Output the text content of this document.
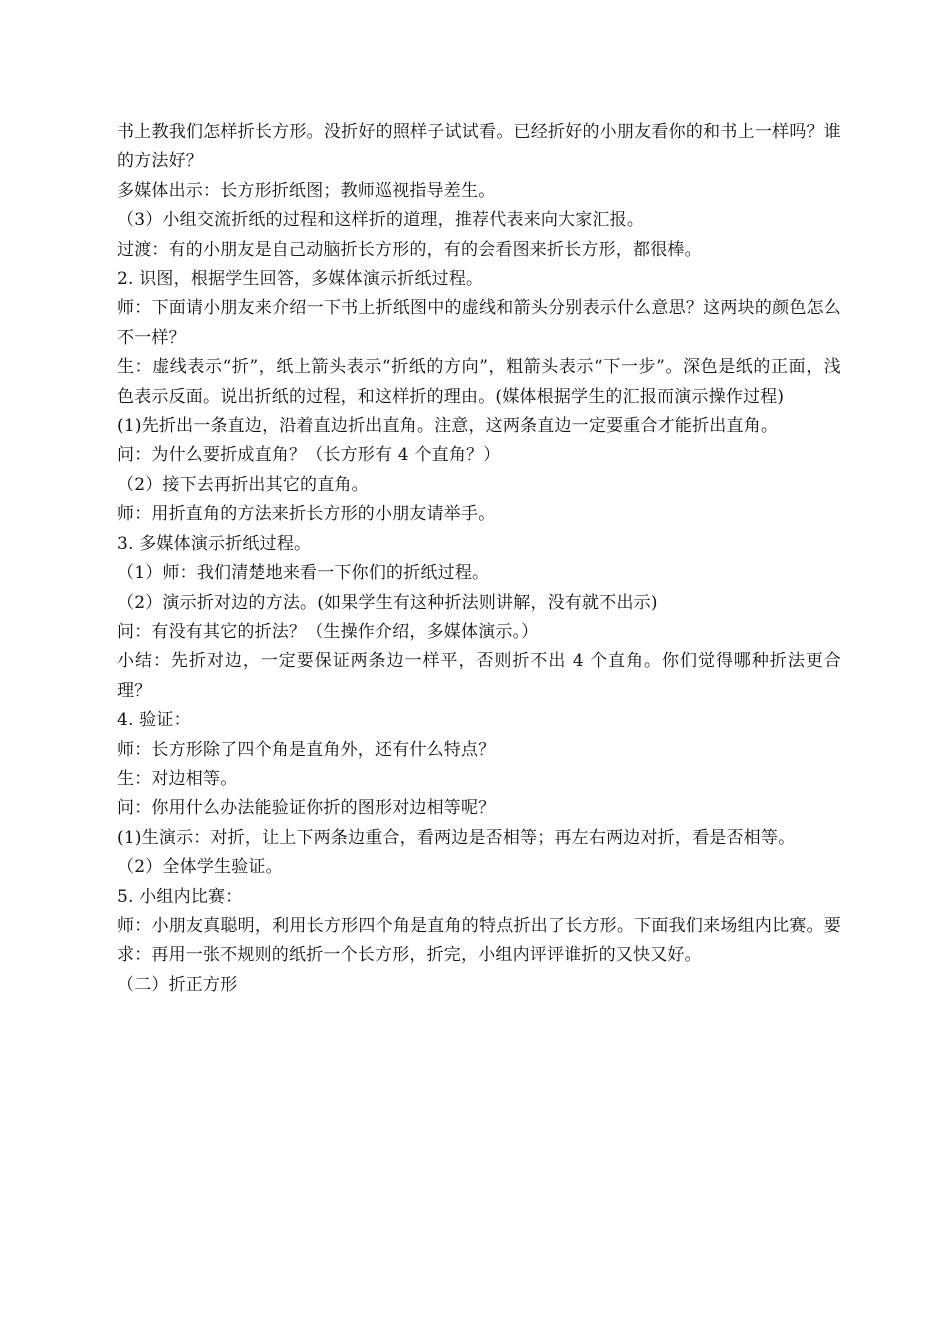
书上教我们怎样折长方形。没折好的照样子试试看。已经折好的小朋友看你的和书上一样吗？谁的方法好？

多媒体出示：长方形折纸图；教师巡视指导差生。

（3）小组交流折纸的过程和这样折的道理，推荐代表来向大家汇报。

过渡：有的小朋友是自己动脑折长方形的，有的会看图来折长方形，都很棒。

2. 识图，根据学生回答，多媒体演示折纸过程。

师：下面请小朋友来介绍一下书上折纸图中的虚线和箭头分别表示什么意思？这两块的颜色怎么不一样？

生：虚线表示“折”，纸上箭头表示“折纸的方向”，粗箭头表示“下一步”。深色是纸的正面，浅色表示反面。说出折纸的过程，和这样折的理由。(媒体根据学生的汇报而演示操作过程)

(1)先折出一条直边，沿着直边折出直角。注意，这两条直边一定要重合才能折出直角。

问：为什么要折成直角？（长方形有 4 个直角？）

（2）接下去再折出其它的直角。

师：用折直角的方法来折长方形的小朋友请举手。

3. 多媒体演示折纸过程。

（1）师：我们清楚地来看一下你们的折纸过程。

（2）演示折对边的方法。(如果学生有这种折法则讲解，没有就不出示)

问：有没有其它的折法？（生操作介绍，多媒体演示。）

小结：先折对边，一定要保证两条边一样平，否则折不出 4 个直角。你们觉得哪种折法更合理？

4. 验证：

师：长方形除了四个角是直角外，还有什么特点？

生：对边相等。

问：你用什么办法能验证你折的图形对边相等呢？

(1)生演示：对折，让上下两条边重合，看两边是否相等；再左右两边对折，看是否相等。

（2）全体学生验证。

5. 小组内比赛：

师：小朋友真聪明，利用长方形四个角是直角的特点折出了长方形。下面我们来场组内比赛。要求：再用一张不规则的纸折一个长方形，折完，小组内评评谁折的又快又好。

（二）折正方形
